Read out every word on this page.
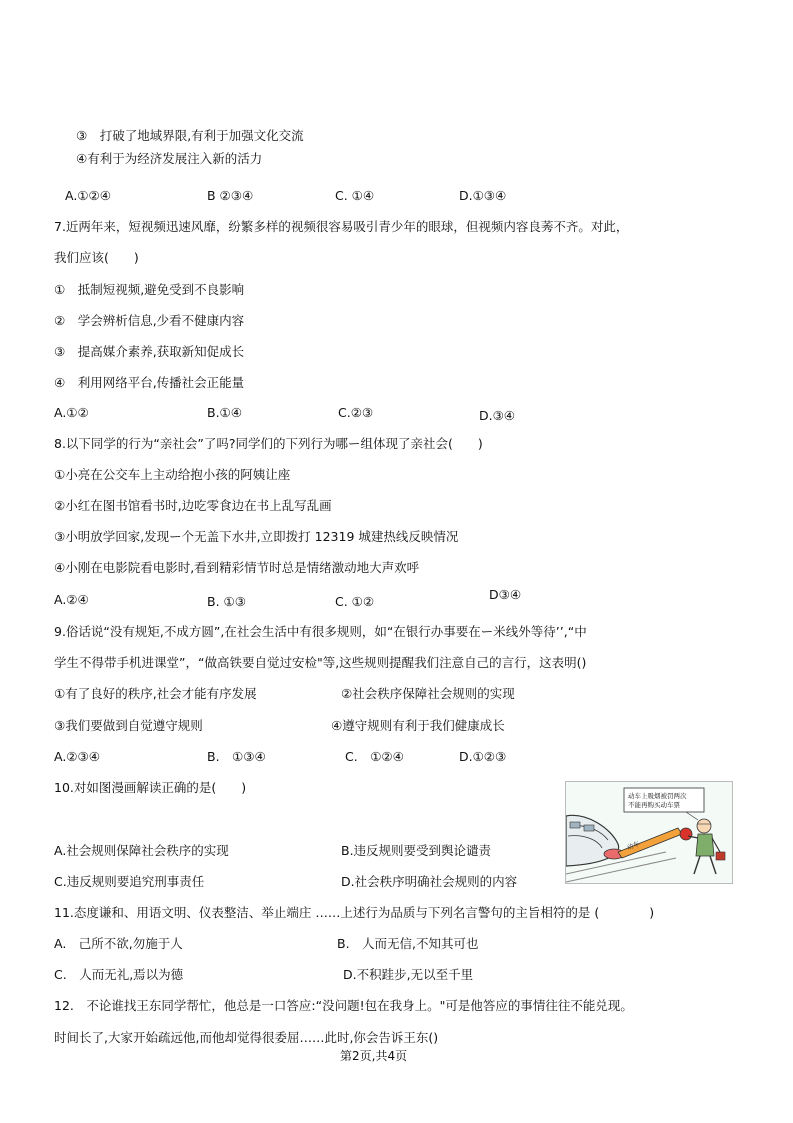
③　打破了地域界限,有利于加强文化交流
④有利于为经济发展注入新的活力
A.①②④	B ②③④	C. ①④	D.①③④
7.近两年来，短视频迅速风靡，纷繁多样的视频很容易吸引青少年的眼球，但视频内容良莠不齐。对此，
我们应该(　　)
①　抵制短视频,避免受到不良影响
②　学会辨析信息,少看不健康内容
③　提高媒介素养,获取新知促成长
④　利用网络平台,传播社会正能量
A.①②	B.①④	C.②③	D.③④
8.以下同学的行为“亲社会”了吗?同学们的下列行为哪ー组体现了亲社会(　　)
①小亮在公交车上主动给抱小孩的阿姨让座
②小红在图书馆看书时,边吃零食边在书上乱写乱画
③小明放学回家,发现ー个无盖下水井,立即拨打 12319 城建热线反映情况
④小刚在电影院看电影时,看到精彩情节时总是情绪激动地大声欢呼
A.②④	B. ①③	C. ①②	D③④
9.俗话说“没有规矩,不成方圆”,在社会生活中有很多规则，如“在银行办事要在ー米线外等待’’,“中
学生不得带手机进课堂”，“做高铁要自觉过安检"等,这些规则提醒我们注意自己的言行，这表明()
①有了良好的秩序,社会才能有序发展	②社会秩序保障社会规则的实现
③我们要做到自觉遵守规则	④遵守规则有利于我们健康成长
A.②③④	B.　①③④	C.　①②④	D.①②③
10.对如图漫画解读正确的是(　　)
A.社会规则保障社会秩序的实现	B.违反规则要受到舆论谴责
C.违反规则要追究刑事责任	D.社会秩序明确社会规则的内容
动车
动车上吸烟被罚两次
不能再购买动车票
11.态度谦和、用语文明、仪表整洁、举止端庄 ……上述行为品质与下列名言警句的主旨相符的是 (　　　　)
A.　己所不欲,勿施于人	B.　人而无信,不知其可也
C.　人而无礼,焉以为德	D.不积跬步,无以至千里
12.　不论谁找王东同学帮忙，他总是一口答应:“没问题!包在我身上。"可是他答应的事情往往不能兑现。
时间长了,大家开始疏远他,而他却觉得很委屈……此时,你会告诉王东()
第2页,共4页
